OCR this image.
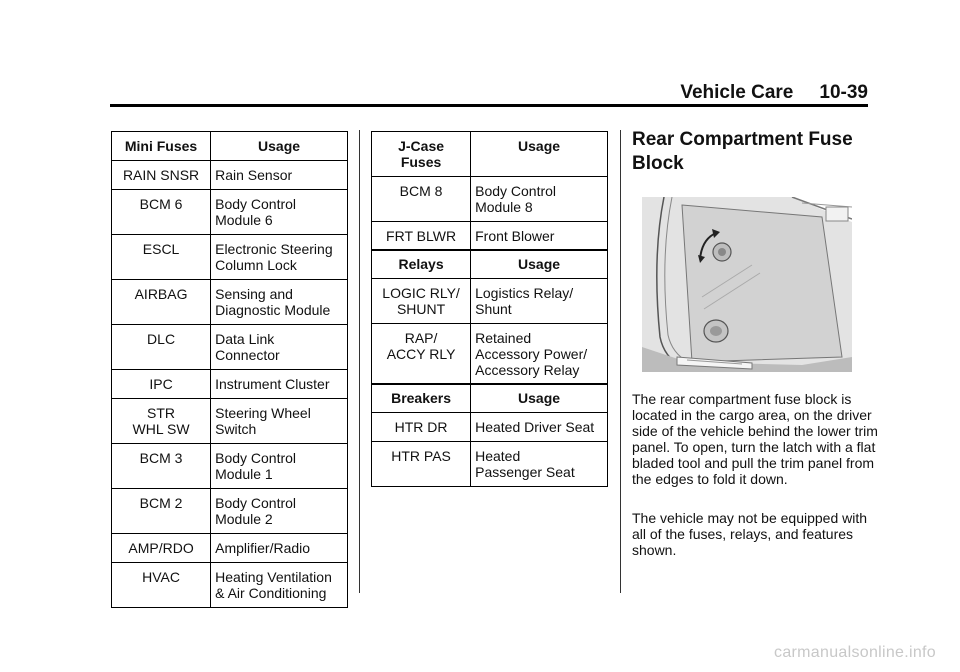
Vehicle Care 10-39
Mini Fuses	Usage
RAIN SNSR	Rain Sensor
BCM 6	Body Control
Module 6
ESCL	Electronic Steering
Column Lock
AIRBAG	Sensing and
Diagnostic Module
DLC	Data Link
Connector
IPC	Instrument Cluster
STR
WHL SW	Steering Wheel
Switch
BCM 3	Body Control
Module 1
BCM 2	Body Control
Module 2
AMP/RDO	Amplifier/Radio
HVAC	Heating Ventilation
& Air Conditioning
J-Case
Fuses	Usage
BCM 8	Body Control
Module 8
FRT BLWR	Front Blower
Relays	Usage
LOGIC RLY/
SHUNT	Logistics Relay/
Shunt
RAP/
ACCY RLY	Retained
Accessory Power/
Accessory Relay
Breakers	Usage
HTR DR	Heated Driver Seat
HTR PAS	Heated
Passenger Seat
Rear Compartment Fuse Block

The rear compartment fuse block is located in the cargo area, on the driver side of the vehicle behind the lower trim panel. To open, turn the latch with a flat bladed tool and pull the trim panel from the edges to fold it down.

The vehicle may not be equipped with all of the fuses, relays, and features shown.

carmanualsonline.info
